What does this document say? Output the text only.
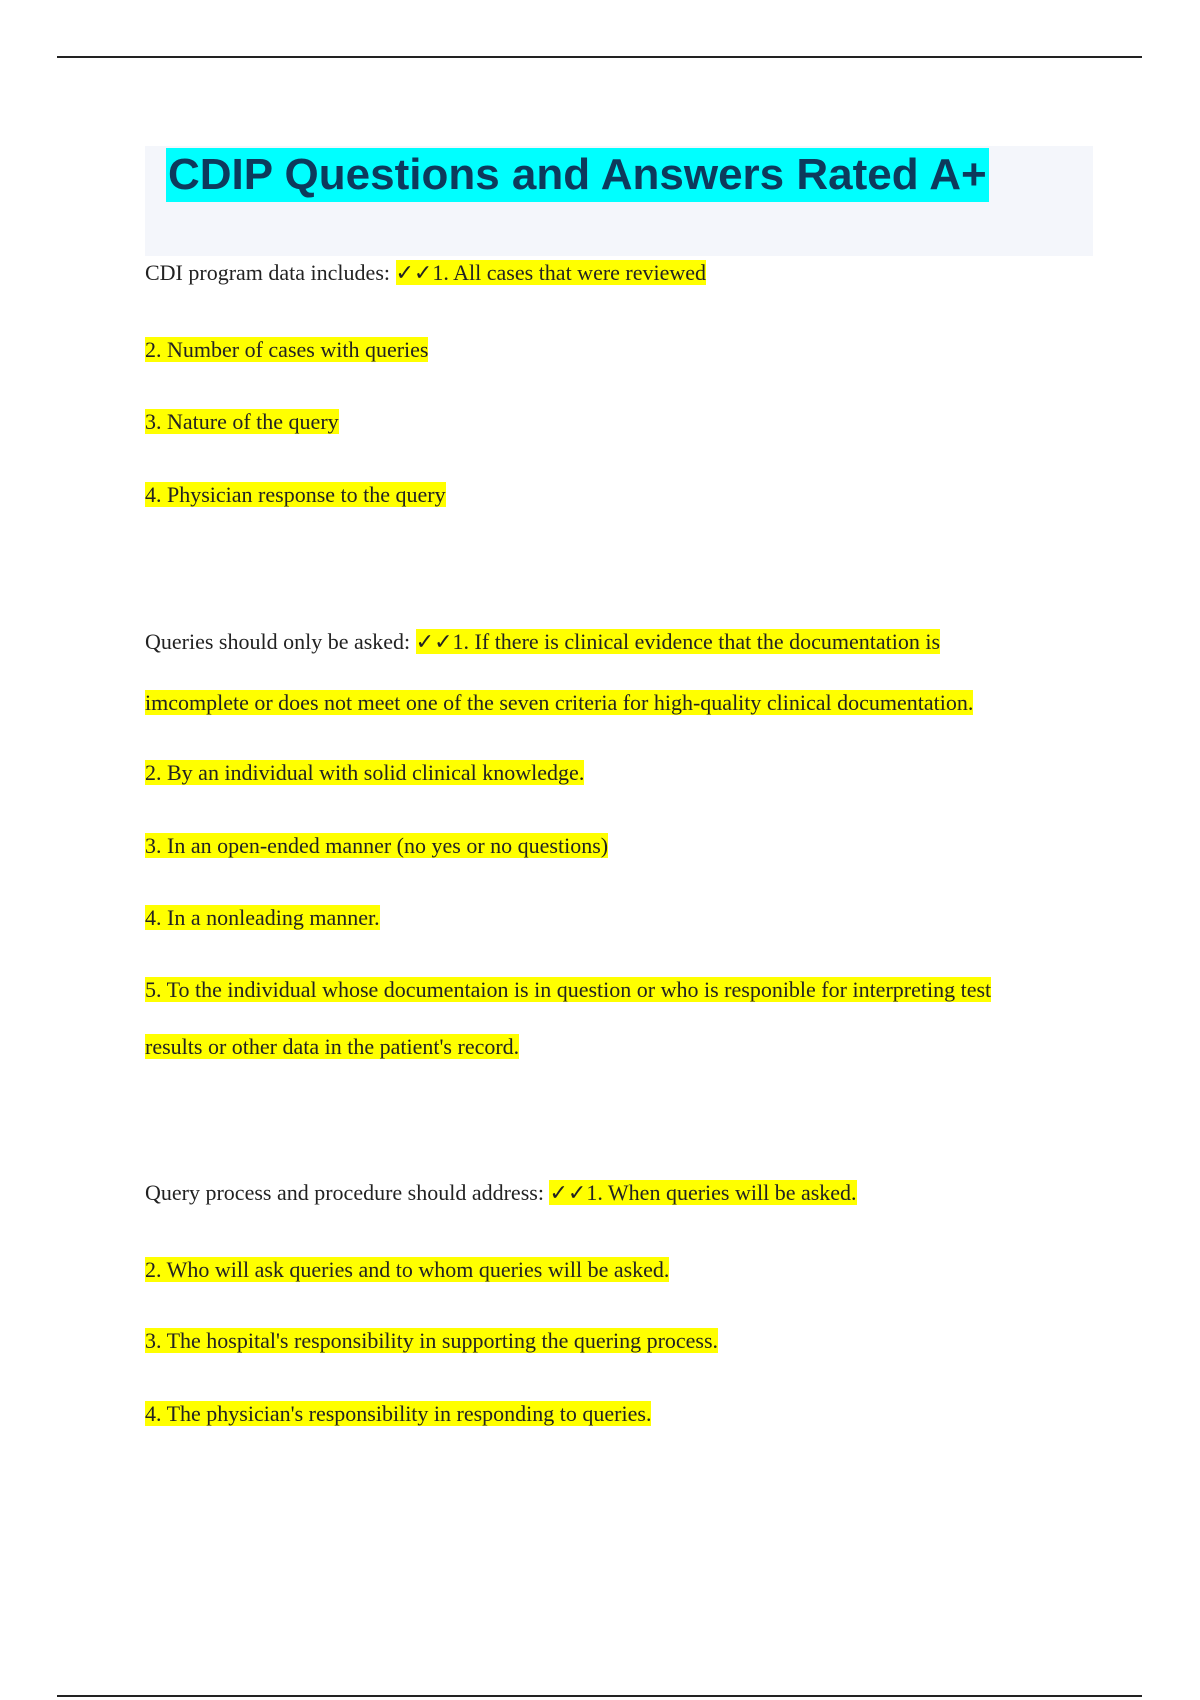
CDIP Questions and Answers Rated A+
CDI program data includes: ✓✓1. All cases that were reviewed
2. Number of cases with queries
3. Nature of the query
4. Physician response to the query
Queries should only be asked: ✓✓1. If there is clinical evidence that the documentation is
imcomplete or does not meet one of the seven criteria for high-quality clinical documentation.
2. By an individual with solid clinical knowledge.
3. In an open-ended manner (no yes or no questions)
4. In a nonleading manner.
5. To the individual whose documentaion is in question or who is responible for interpreting test
results or other data in the patient's record.
Query process and procedure should address: ✓✓1. When queries will be asked.
2. Who will ask queries and to whom queries will be asked.
3. The hospital's responsibility in supporting the quering process.
4. The physician's responsibility in responding to queries.
